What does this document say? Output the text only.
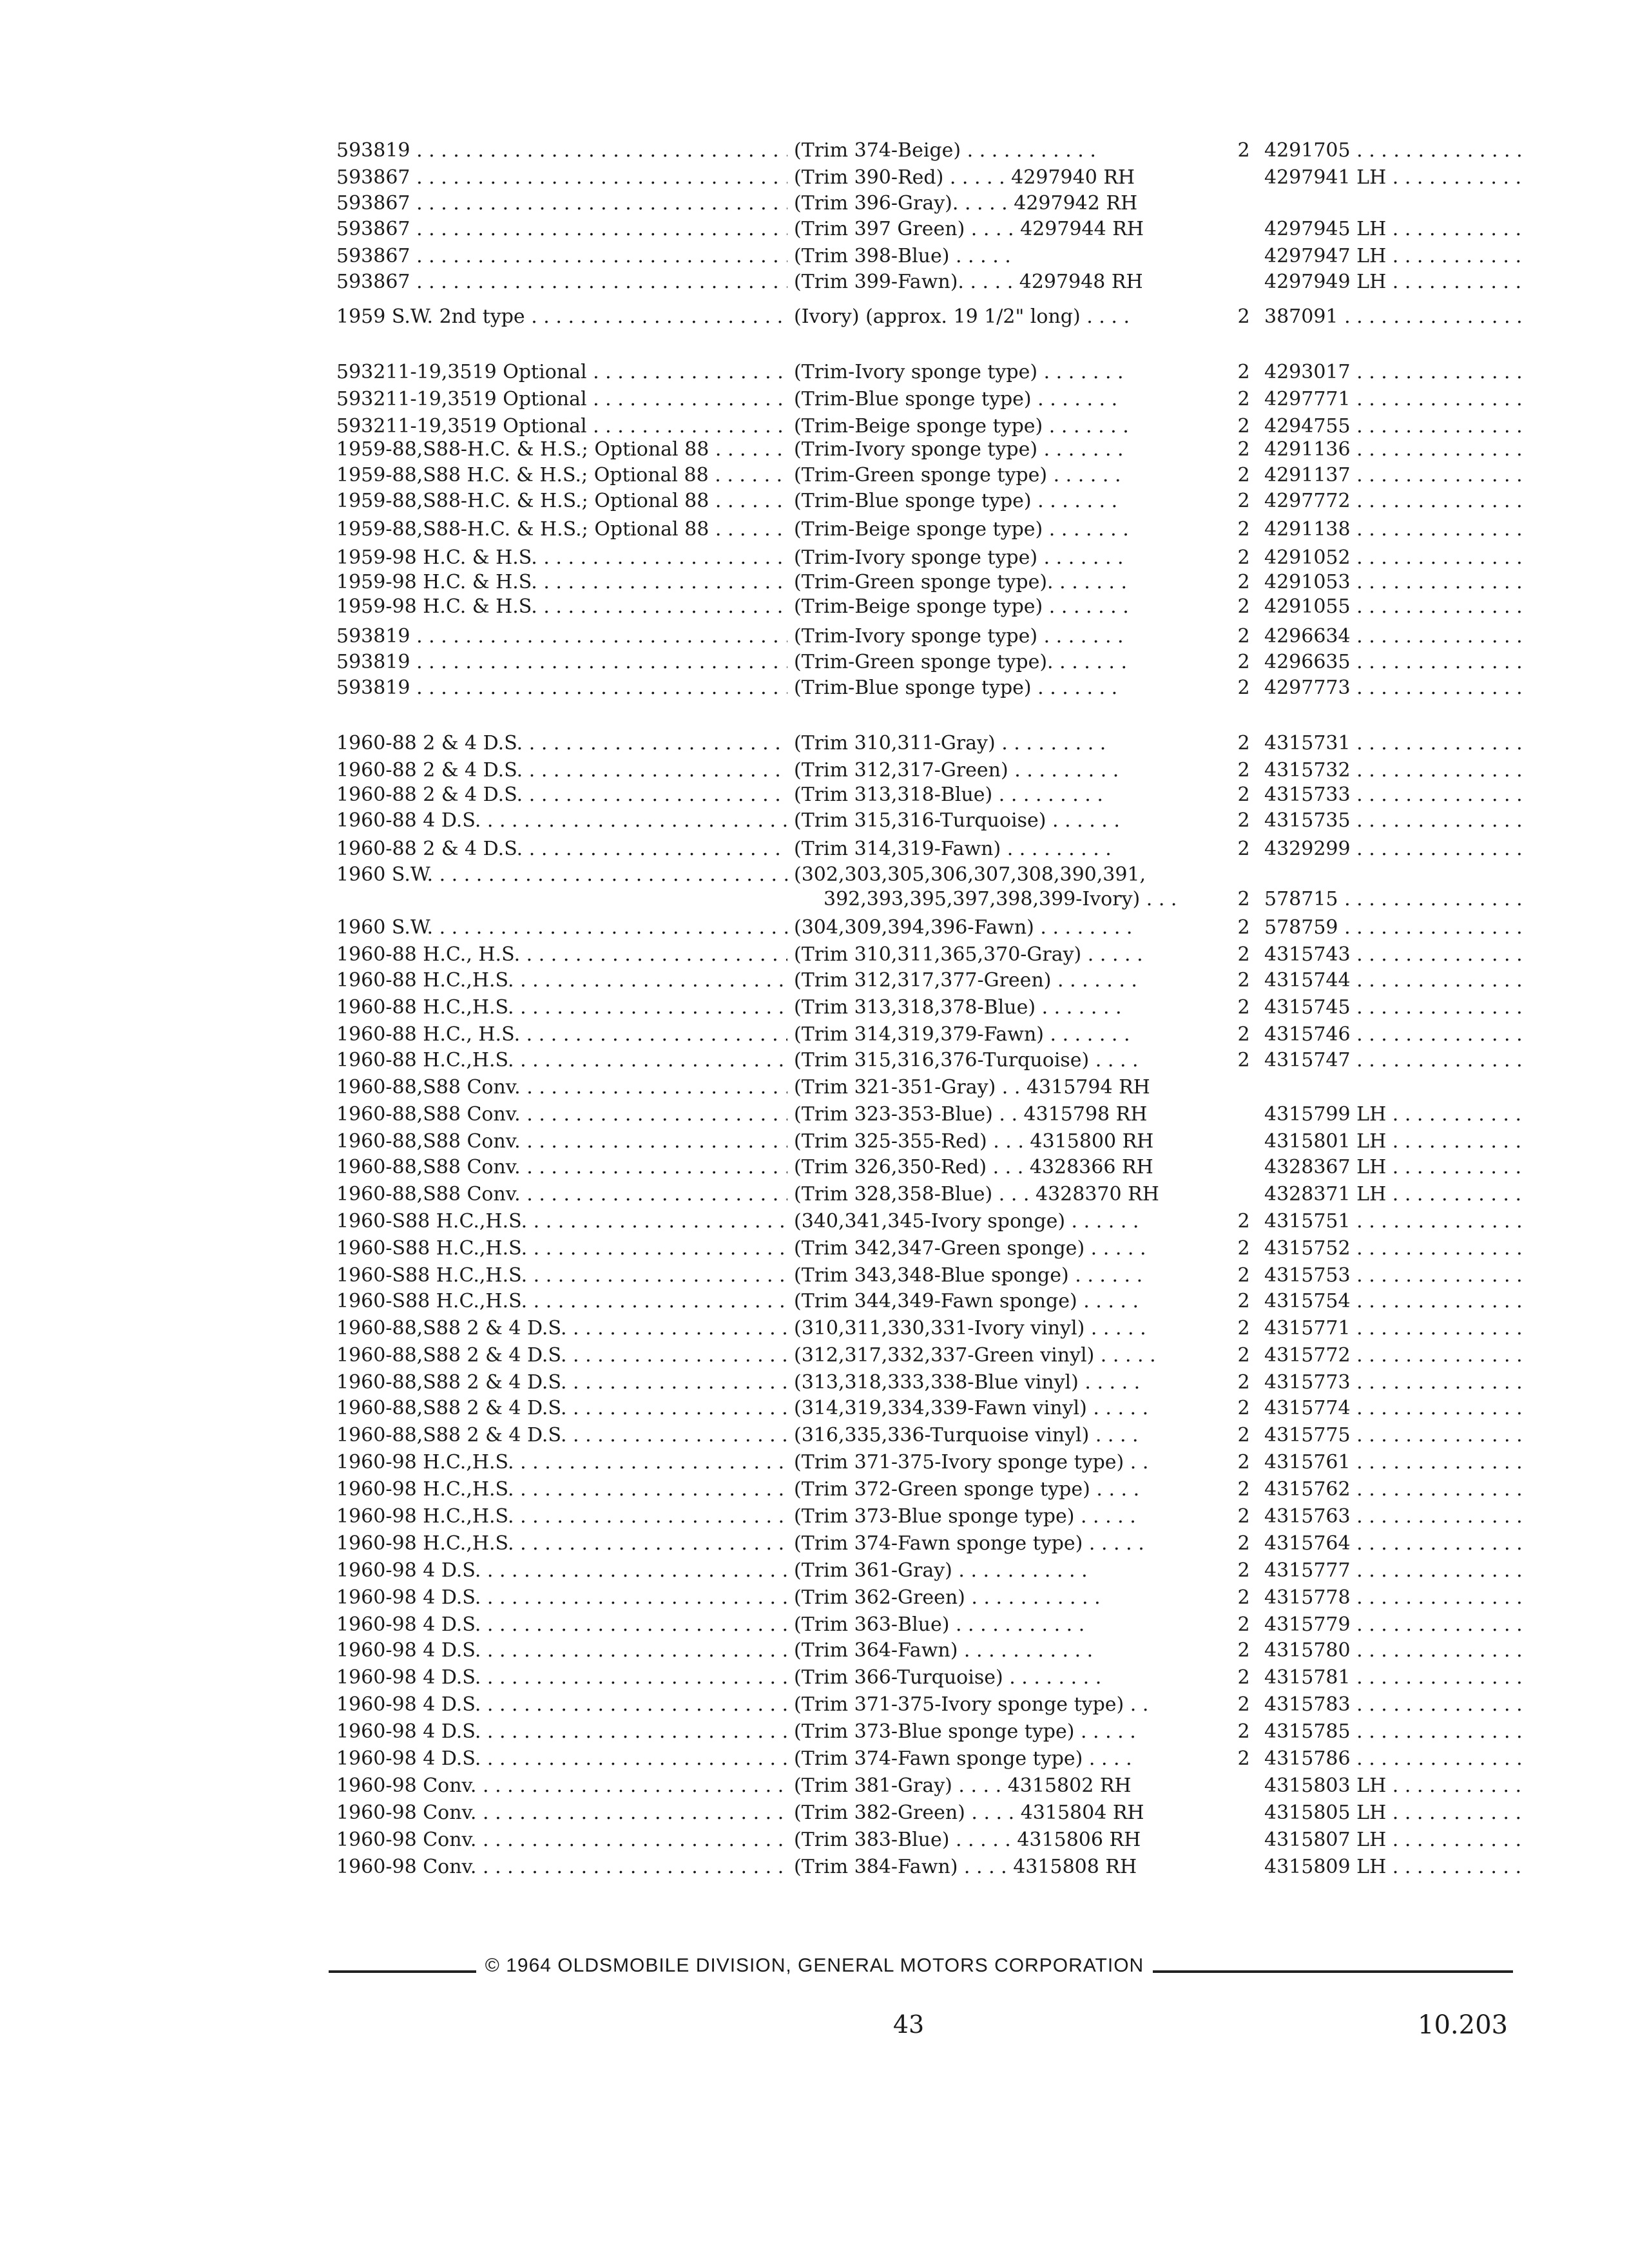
593819 . . .	(Trim 374-Beige) . . . . . . . . . . .	2 4291705 . . .
593867 . . .	(Trim 390-Red) . . . . . 4297940 RH	4297941 LH . . .
593867 . . .	(Trim 396-Gray). . . . . 4297942 RH
593867 . . .	(Trim 397 Green) . . . . 4297944 RH	4297945 LH . . .
593867 . . .	(Trim 398-Blue) . . . . .	4297947 LH . . .
593867 . . .	(Trim 399-Fawn). . . . . 4297948 RH	4297949 LH . . .
1959 S.W. 2nd type . . .	(Ivory) (approx. 19 1/2" long) . . . .	2 387091 . . .
593211-19,3519 Optional . . .	(Trim-Ivory sponge type) . . . . . . .	2 4293017 . . .
593211-19,3519 Optional . . .	(Trim-Blue sponge type) . . . . . . .	2 4297771 . . .
593211-19,3519 Optional . . .	(Trim-Beige sponge type) . . . . . . .	2 4294755 . . .
1959-88,S88-H.C. & H.S.; Optional 88 . . . . .	(Trim-Ivory sponge type) . . . . . . .	2 4291136 . . .
1959-88,S88 H.C. & H.S.; Optional 88 . . . . .	(Trim-Green sponge type) . . . . . .	2 4291137 . . .
1959-88,S88-H.C. & H.S.; Optional 88 . . . . .	(Trim-Blue sponge type) . . . . . . .	2 4297772 . . .
1959-88,S88-H.C. & H.S.; Optional 88 . . . . .	(Trim-Beige sponge type) . . . . . . .	2 4291138 . . .
1959-98 H.C. & H.S. . . .	(Trim-Ivory sponge type) . . . . . . .	2 4291052 . . .
1959-98 H.C. & H.S. . . .	(Trim-Green sponge type). . . . . . .	2 4291053 . . .
1959-98 H.C. & H.S. . . .	(Trim-Beige sponge type) . . . . . . .	2 4291055 . . .
593819 . . .	(Trim-Ivory sponge type) . . . . . . .	2 4296634 . . .
593819 . . .	(Trim-Green sponge type). . . . . . .	2 4296635 . . .
593819 . . .	(Trim-Blue sponge type) . . . . . . .	2 4297773 . . .
1960-88 2 & 4 D.S. . . .	(Trim 310,311-Gray) . . . . . . . . .	2 4315731 . . .
1960-88 2 & 4 D.S. . . .	(Trim 312,317-Green) . . . . . . . . .	2 4315732 . . .
1960-88 2 & 4 D.S. . . .	(Trim 313,318-Blue) . . . . . . . . .	2 4315733 . . .
1960-88 4 D.S. . . .	(Trim 315,316-Turquoise) . . . . . .	2 4315735 . . .
1960-88 2 & 4 D.S. . . .	(Trim 314,319-Fawn) . . . . . . . . .	2 4329299 . . .
1960 S.W. . . .	(302,303,305,306,307,308,390,391,
392,393,395,397,398,399-Ivory) . . .	2 578715 . . .
1960 S.W. . . .	(304,309,394,396-Fawn) . . . . . . . .	2 578759 . . .
1960-88 H.C., H.S. . . .	(Trim 310,311,365,370-Gray) . . . . .	2 4315743 . . .
1960-88 H.C.,H.S. . . .	(Trim 312,317,377-Green) . . . . . . .	2 4315744 . . .
1960-88 H.C.,H.S. . . .	(Trim 313,318,378-Blue) . . . . . . .	2 4315745 . . .
1960-88 H.C., H.S. . . .	(Trim 314,319,379-Fawn) . . . . . . .	2 4315746 . . .
1960-88 H.C.,H.S. . . .	(Trim 315,316,376-Turquoise) . . . .	2 4315747 . . .
1960-88,S88 Conv. . . .	(Trim 321-351-Gray) . . 4315794 RH
1960-88,S88 Conv. . . .	(Trim 323-353-Blue) . . 4315798 RH	4315799 LH . . .
1960-88,S88 Conv. . . .	(Trim 325-355-Red) . . . 4315800 RH	4315801 LH . . .
1960-88,S88 Conv. . . .	(Trim 326,350-Red) . . . 4328366 RH	4328367 LH . . .
1960-88,S88 Conv. . . .	(Trim 328,358-Blue) . . . 4328370 RH	4328371 LH . . .
1960-S88 H.C.,H.S. . . .	(340,341,345-Ivory sponge) . . . . . .	2 4315751 . . .
1960-S88 H.C.,H.S. . . .	(Trim 342,347-Green sponge) . . . . .	2 4315752 . . .
1960-S88 H.C.,H.S. . . .	(Trim 343,348-Blue sponge) . . . . . .	2 4315753 . . .
1960-S88 H.C.,H.S. . . .	(Trim 344,349-Fawn sponge) . . . . .	2 4315754 . . .
1960-88,S88 2 & 4 D.S. . . .	(310,311,330,331-Ivory vinyl) . . . . .	2 4315771 . . .
1960-88,S88 2 & 4 D.S. . . .	(312,317,332,337-Green vinyl) . . . . .	2 4315772 . . .
1960-88,S88 2 & 4 D.S. . . .	(313,318,333,338-Blue vinyl) . . . . .	2 4315773 . . .
1960-88,S88 2 & 4 D.S. . . .	(314,319,334,339-Fawn vinyl) . . . . .	2 4315774 . . .
1960-88,S88 2 & 4 D.S. . . .	(316,335,336-Turquoise vinyl) . . . .	2 4315775 . . .
1960-98 H.C.,H.S. . . .	(Trim 371-375-Ivory sponge type) . .	2 4315761 . . .
1960-98 H.C.,H.S. . . .	(Trim 372-Green sponge type) . . . .	2 4315762 . . .
1960-98 H.C.,H.S. . . .	(Trim 373-Blue sponge type) . . . . .	2 4315763 . . .
1960-98 H.C.,H.S. . . .	(Trim 374-Fawn sponge type) . . . . .	2 4315764 . . .
1960-98 4 D.S. . . .	(Trim 361-Gray) . . . . . . . . . . .	2 4315777 . . .
1960-98 4 D.S. . . .	(Trim 362-Green) . . . . . . . . . . .	2 4315778 . . .
1960-98 4 D.S. . . .	(Trim 363-Blue) . . . . . . . . . . .	2 4315779 . . .
1960-98 4 D.S. . . .	(Trim 364-Fawn) . . . . . . . . . . .	2 4315780 . . .
1960-98 4 D.S. . . .	(Trim 366-Turquoise) . . . . . . . .	2 4315781 . . .
1960-98 4 D.S. . . .	(Trim 371-375-Ivory sponge type) . .	2 4315783 . . .
1960-98 4 D.S. . . .	(Trim 373-Blue sponge type) . . . . .	2 4315785 . . .
1960-98 4 D.S. . . .	(Trim 374-Fawn sponge type) . . . .	2 4315786 . . .
1960-98 Conv. . . .	(Trim 381-Gray) . . . . 4315802 RH	4315803 LH . . .
1960-98 Conv. . . .	(Trim 382-Green) . . . . 4315804 RH	4315805 LH . . .
1960-98 Conv. . . .	(Trim 383-Blue) . . . . . 4315806 RH	4315807 LH . . .
1960-98 Conv. . . .	(Trim 384-Fawn) . . . . 4315808 RH	4315809 LH . . .
© 1964 OLDSMOBILE DIVISION, GENERAL MOTORS CORPORATION
43	10.203
